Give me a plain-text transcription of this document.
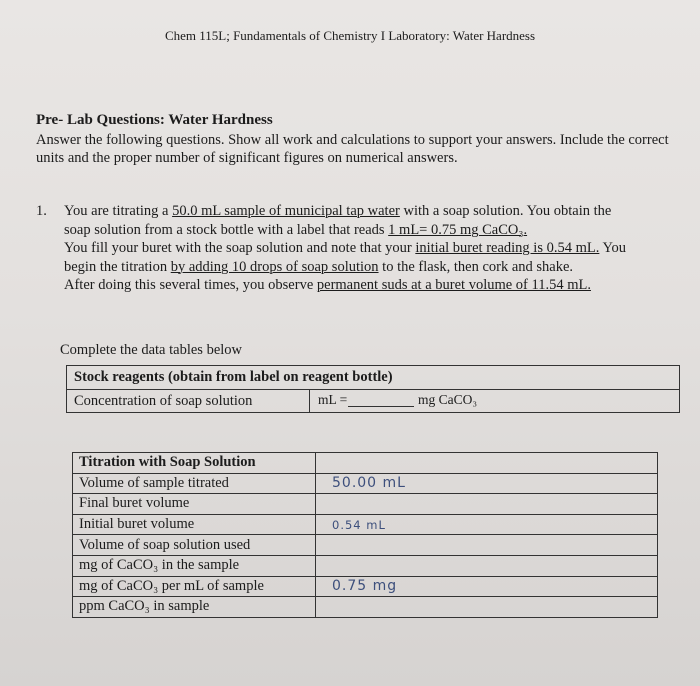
Chem 115L; Fundamentals of Chemistry I Laboratory: Water Hardness
Pre- Lab Questions: Water Hardness
Answer the following questions. Show all work and calculations to support your answers. Include the correct units and the proper number of significant figures on numerical answers.
1. You are titrating a 50.0 mL sample of municipal tap water with a soap solution. You obtain the
soap solution from a stock bottle with a label that reads 1 mL= 0.75 mg CaCO₃.
You fill your buret with the soap solution and note that your initial buret reading is 0.54 mL. You
begin the titration by adding 10 drops of soap solution to the flask, then cork and shake.
After doing this several times, you observe permanent suds at a buret volume of 11.54 mL.
Complete the data tables below
Stock reagents (obtain from label on reagent bottle)
Concentration of soap solution	mL =	mg CaCO₃
Titration with Soap Solution	
Volume of sample titrated	50.00 mL

Final buret volume	

Initial buret volume	0.54 mL

Volume of soap solution used	

mg of CaCO₃ in the sample	

mg of CaCO₃ per mL of sample	0.75 mg

ppm CaCO₃ in sample	
